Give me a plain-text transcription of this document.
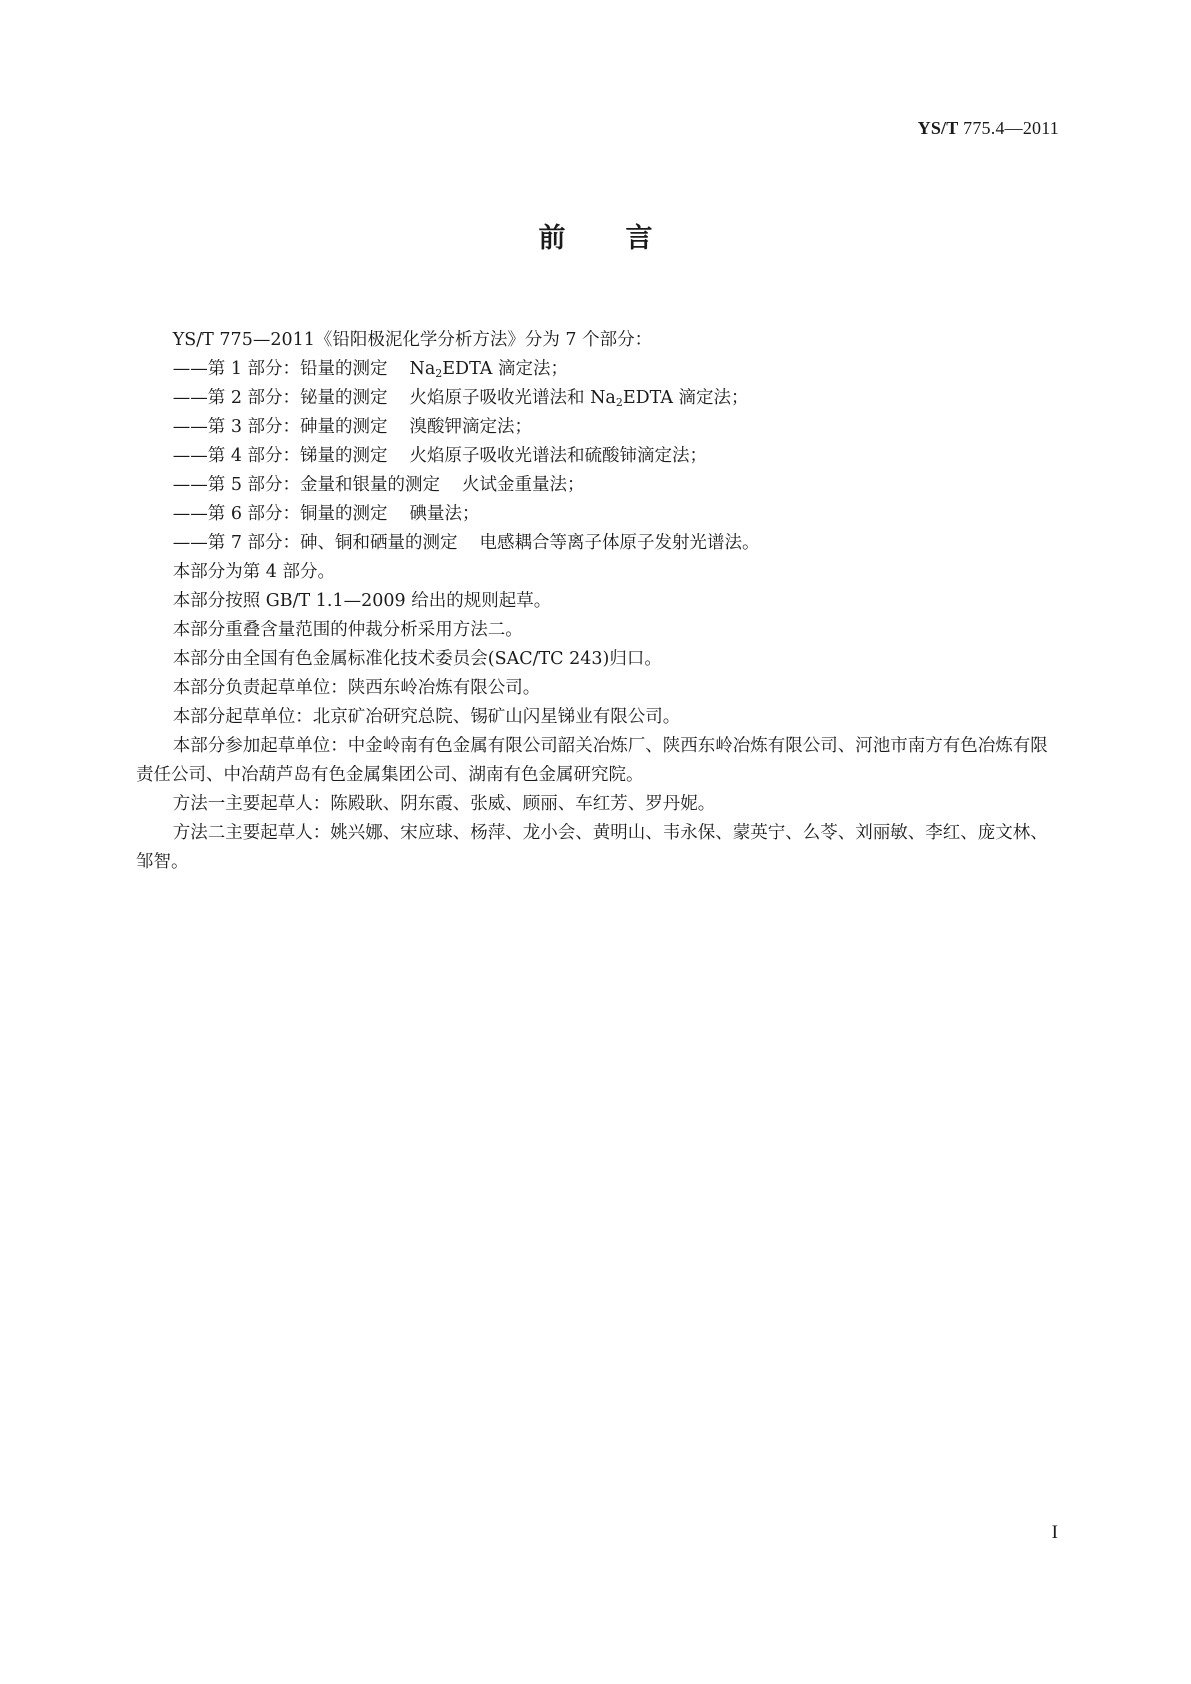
YS/T 775.4—2011
前言

YS/T 775—2011《铅阳极泥化学分析方法》分为 7 个部分：

——第 1 部分：铅量的测定 $Na_2EDTA$ 滴定法；

——第 2 部分：铋量的测定 火焰原子吸收光谱法和 $Na_2EDTA$ 滴定法；

——第 3 部分：砷量的测定 溴酸钾滴定法；

——第 4 部分：锑量的测定 火焰原子吸收光谱法和硫酸铈滴定法；

——第 5 部分：金量和银量的测定 火试金重量法；

——第 6 部分：铜量的测定 碘量法；

——第 7 部分：砷、铜和硒量的测定 电感耦合等离子体原子发射光谱法。

本部分为第 4 部分。

本部分按照 GB/T 1.1—2009 给出的规则起草。

本部分重叠含量范围的仲裁分析采用方法二。

本部分由全国有色金属标准化技术委员会(SAC/TC 243)归口。

本部分负责起草单位：陕西东岭冶炼有限公司。

本部分起草单位：北京矿冶研究总院、锡矿山闪星锑业有限公司。

本部分参加起草单位：中金岭南有色金属有限公司韶关冶炼厂、陕西东岭冶炼有限公司、河池市南方有色冶炼有限责任公司、中冶葫芦岛有色金属集团公司、湖南有色金属研究院。

方法一主要起草人：陈殿耿、阴东霞、张威、顾丽、车红芳、罗丹妮。

方法二主要起草人：姚兴娜、宋应球、杨萍、龙小会、黄明山、韦永保、蒙英宁、么苓、刘丽敏、李红、庞文林、邹智。

I
